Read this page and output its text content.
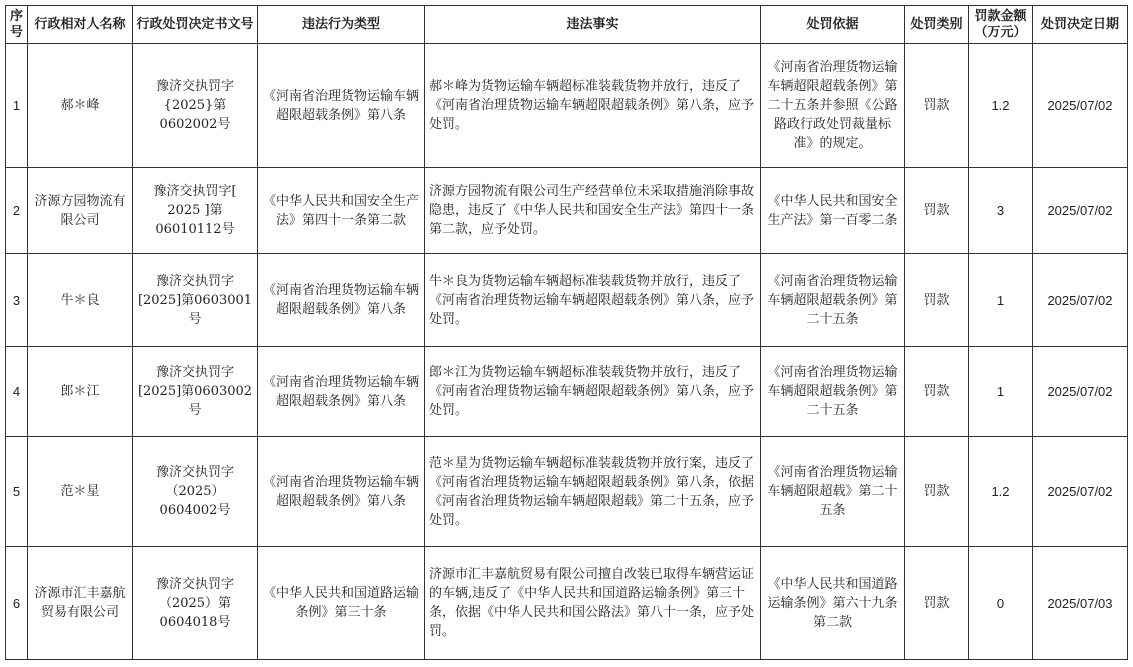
序号	行政相对人名称	行政处罚决定书文号	违法行为类型	违法事实	处罚依据	处罚类别	罚款金额（万元）	处罚决定日期
1	郝＊峰	豫济交执罚字{2025}第0602002号	《河南省治理货物运输车辆超限超载条例》第八条	郝＊峰为货物运输车辆超标准装载货物并放行，违反了《河南省治理货物运输车辆超限超载条例》第八条，应予处罚。	《河南省治理货物运输车辆超限超载条例》第二十五条并参照《公路路政行政处罚裁量标准》的规定。	罚款	1.2	2025/07/02
2	济源方园物流有限公司	豫济交执罚字[ 2025 ]第06010112号	《中华人民共和国安全生产法》第四十一条第二款	济源方园物流有限公司生产经营单位未采取措施消除事故隐患，违反了《中华人民共和国安全生产法》第四十一条第二款，应予处罚。	《中华人民共和国安全生产法》第一百零二条	罚款	3	2025/07/02
3	牛＊良	豫济交执罚字[2025]第0603001号	《河南省治理货物运输车辆超限超载条例》第八条	牛＊良为货物运输车辆超标准装载货物并放行，违反了《河南省治理货物运输车辆超限超载条例》第八条，应予处罚。	《河南省治理货物运输车辆超限超载条例》第二十五条	罚款	1	2025/07/02
4	郎＊江	豫济交执罚字[2025]第0603002号	《河南省治理货物运输车辆超限超载条例》第八条	郎＊江为货物运输车辆超标准装载货物并放行，违反了《河南省治理货物运输车辆超限超载条例》第八条，应予处罚。	《河南省治理货物运输车辆超限超载条例》第二十五条	罚款	1	2025/07/02
5	范＊星	豫济交执罚字（2025）0604002号	《河南省治理货物运输车辆超限超载条例》第八条	范＊星为货物运输车辆超标准装载货物并放行案，违反了《河南省治理货物运输车辆超限超载条例》第八条，依据《河南省治理货物运输车辆超限超载》第二十五条，应予处罚。	《河南省治理货物运输车辆超限超载》第二十五条	罚款	1.2	2025/07/02
6	济源市汇丰嘉航贸易有限公司	豫济交执罚字（2025）第0604018号	《中华人民共和国道路运输条例》第三十条	济源市汇丰嘉航贸易有限公司擅自改装已取得车辆营运证的车辆,违反了《中华人民共和国道路运输条例》第三十条，依据《中华人民共和国公路法》第八十一条，应予处罚。	《中华人民共和国道路运输条例》第六十九条第二款	罚款	0	2025/07/03
